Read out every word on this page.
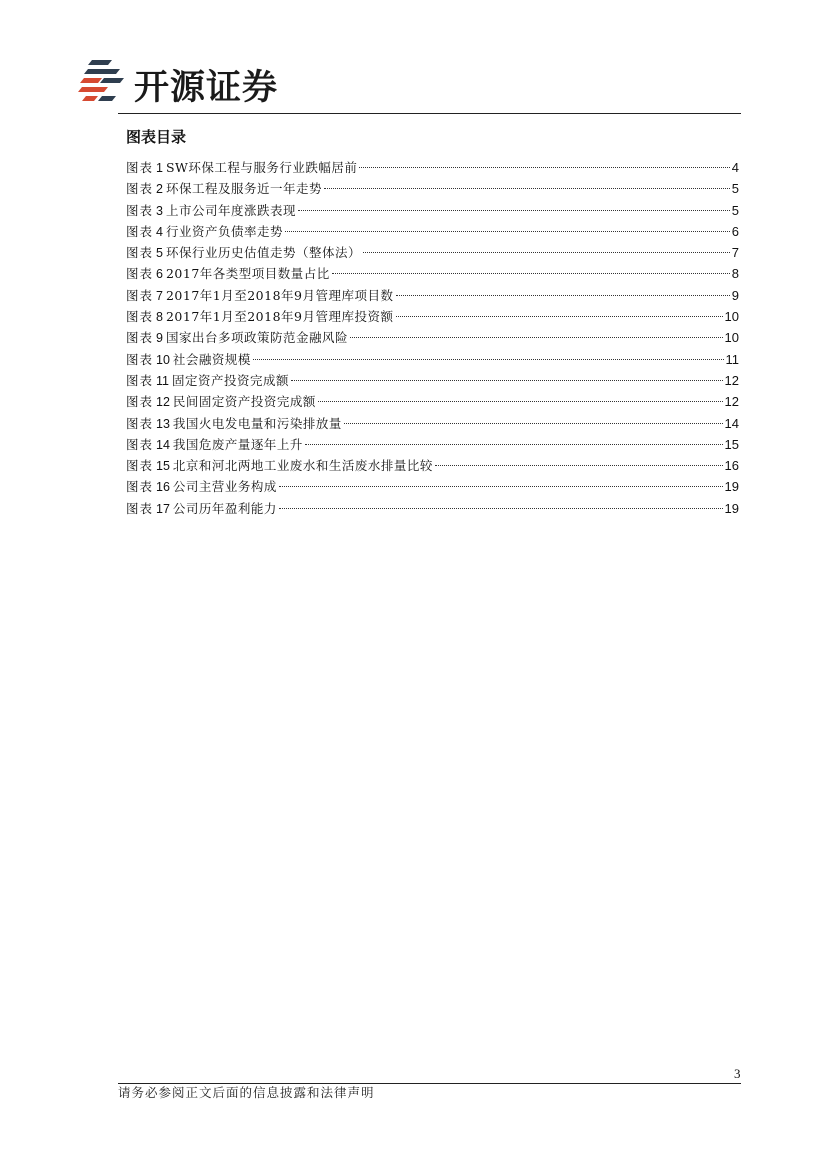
开源证券
图表目录
图表 1 SW环保工程与服务行业跌幅居前	4
图表 2 环保工程及服务近一年走势	5
图表 3 上市公司年度涨跌表现	5
图表 4 行业资产负债率走势	6
图表 5 环保行业历史估值走势（整体法）	7
图表 6 2017年各类型项目数量占比	8
图表 7 2017年1月至2018年9月管理库项目数	9
图表 8 2017年1月至2018年9月管理库投资额	10
图表 9 国家出台多项政策防范金融风险	10
图表 10 社会融资规模	11
图表 11 固定资产投资完成额	12
图表 12 民间固定资产投资完成额	12
图表 13 我国火电发电量和污染排放量	14
图表 14 我国危废产量逐年上升	15
图表 15 北京和河北两地工业废水和生活废水排量比较	16
图表 16 公司主营业务构成	19
图表 17 公司历年盈利能力	19
3
请务必参阅正文后面的信息披露和法律声明
